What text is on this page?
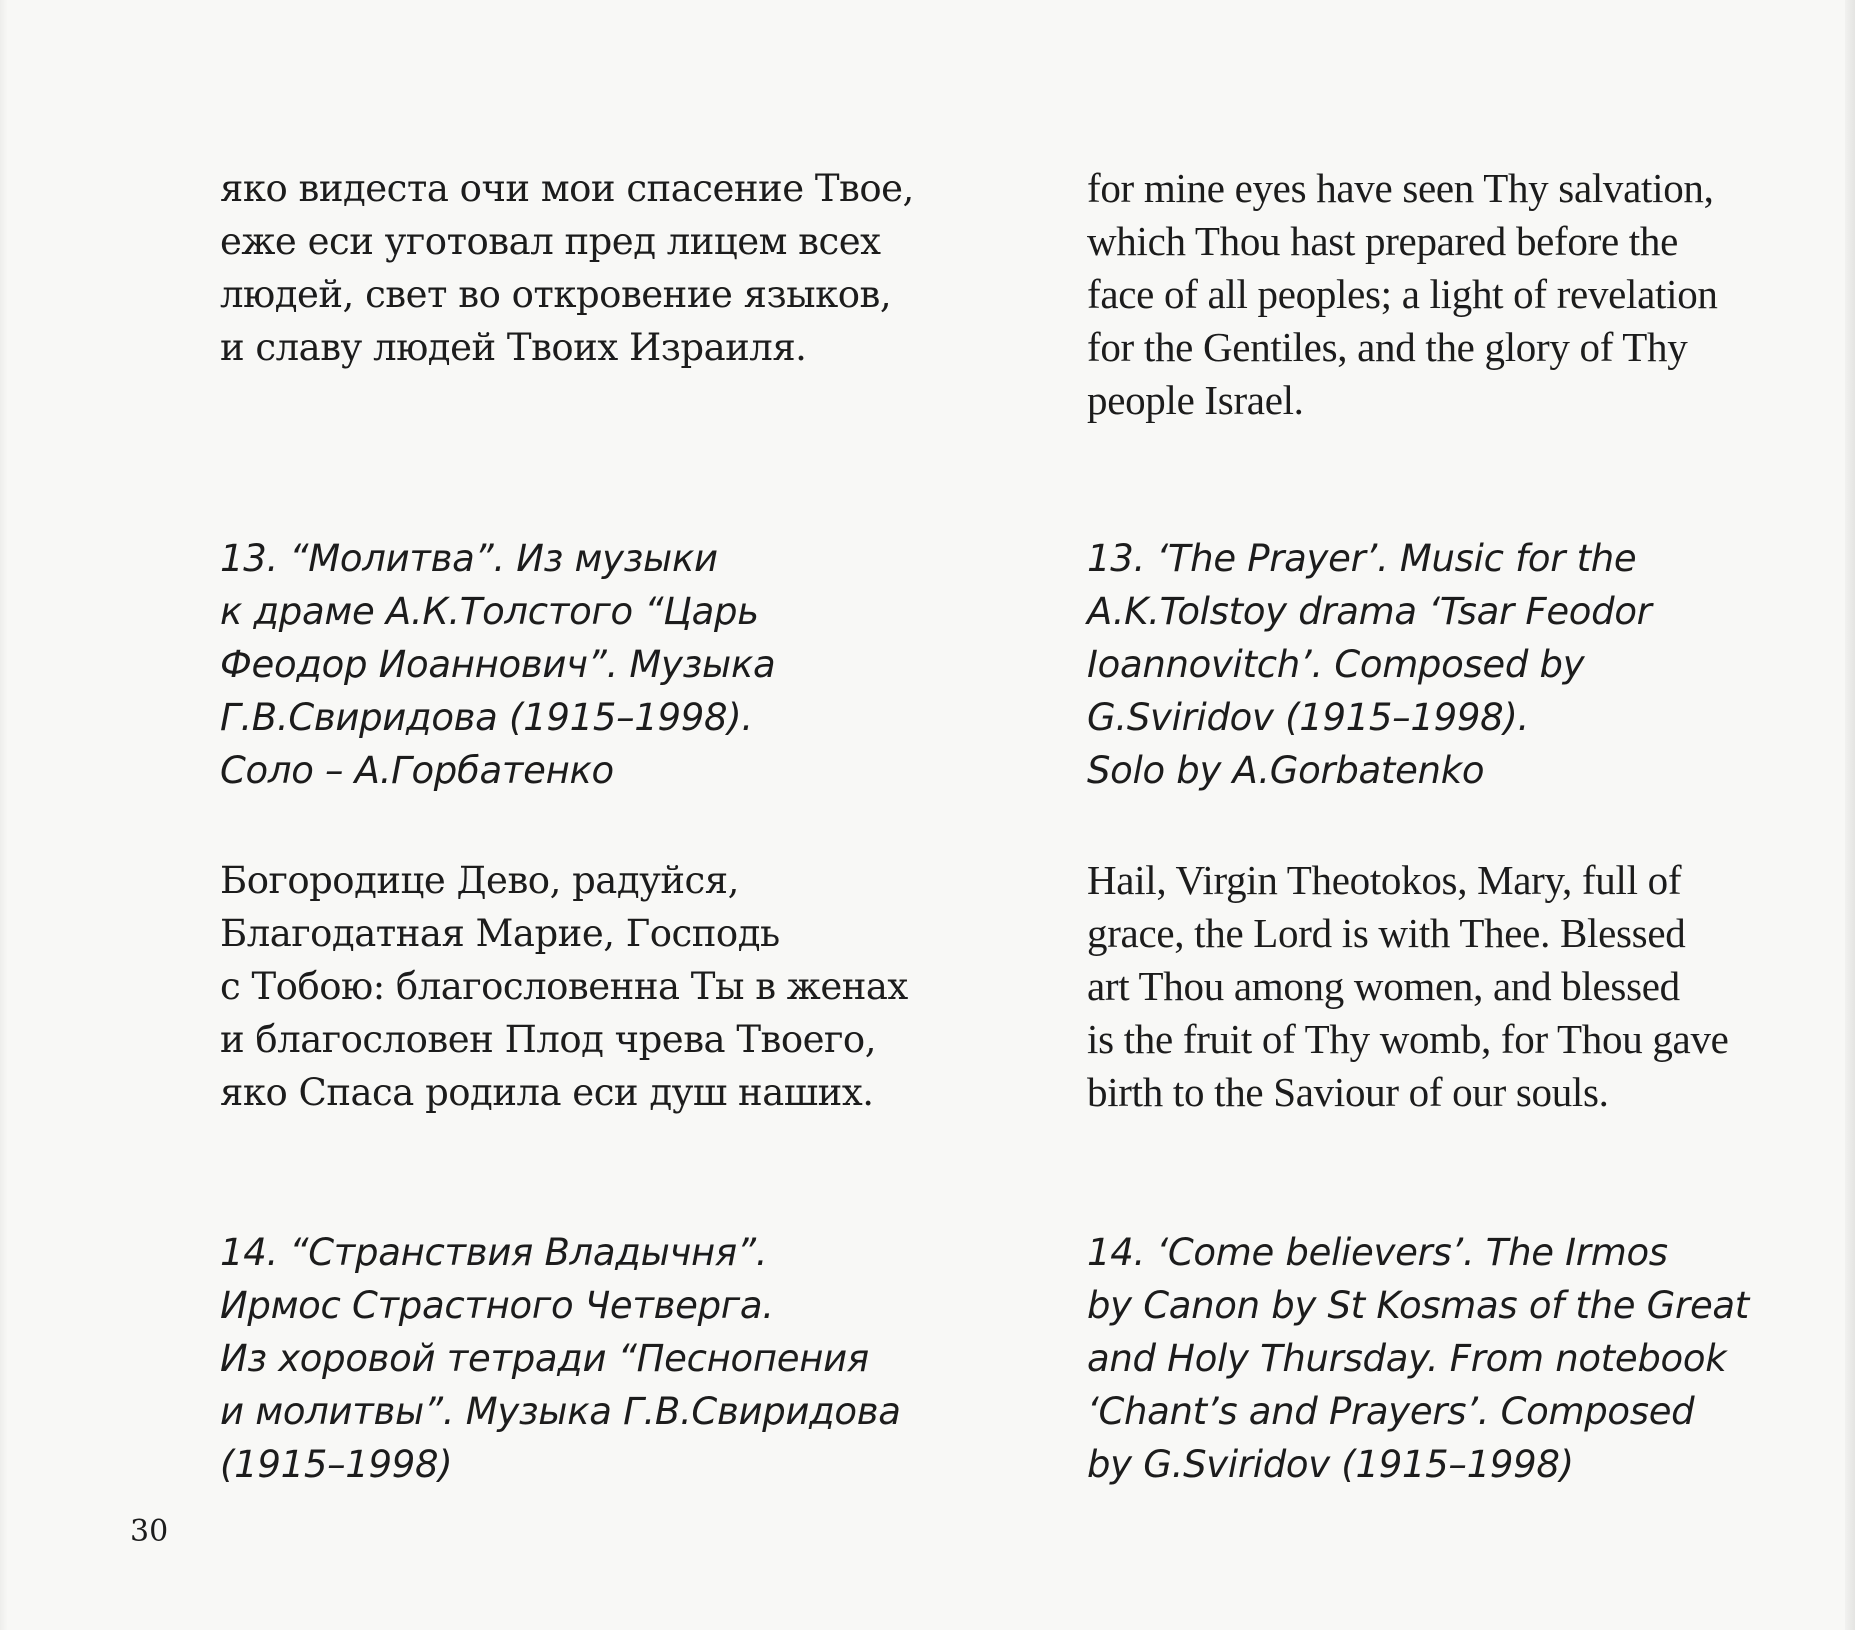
яко видеста очи мои спасение Твое,
еже еси уготовал пред лицем всех
людей, свет во откровение языков,
и славу людей Твоих Израиля.
for mine eyes have seen Thy salvation,
which Thou hast prepared before the
face of all peoples; a light of revelation
for the Gentiles, and the glory of Thy
people Israel.
13. “Молитва”. Из музыки
к драме А.К.Толстого “Царь
Феодор Иоаннович”. Музыка
Г.В.Свиридова (1915–1998).
Соло – А.Горбатенко
13. ‘The Prayer’. Music for the
A.K.Tolstoy drama ‘Tsar Feodor
Ioannovitch’. Composed by
G.Sviridov (1915–1998).
Solo by A.Gorbatenko
Богородице Дево, радуйся,
Благодатная Марие, Господь
с Тобою: благословенна Ты в женах
и благословен Плод чрева Твоего,
яко Спаса родила еси душ наших.
Hail, Virgin Theotokos, Mary, full of
grace, the Lord is with Thee. Blessed
art Thou among women, and blessed
is the fruit of Thy womb, for Thou gave
birth to the Saviour of our souls.
14. “Странствия Владычня”.
Ирмос Страстного Четверга.
Из хоровой тетради “Песнопения
и молитвы”. Музыка Г.В.Свиридова
(1915–1998)
14. ‘Come believers’. The Irmos
by Canon by St Kosmas of the Great
and Holy Thursday. From notebook
‘Chant’s and Prayers’. Composed
by G.Sviridov (1915–1998)
30
